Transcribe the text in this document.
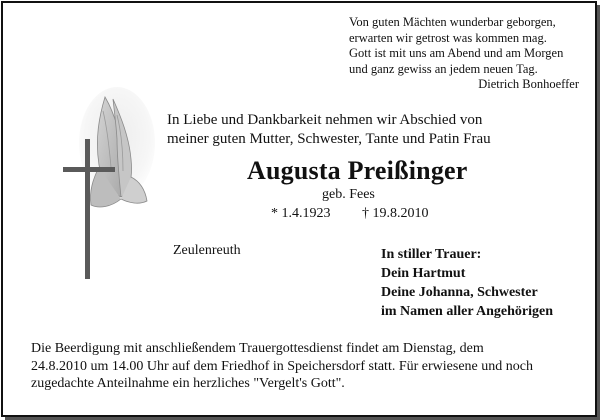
Von guten Mächten wunderbar geborgen,
erwarten wir getrost was kommen mag.
Gott ist mit uns am Abend und am Morgen
und ganz gewiss an jedem neuen Tag.
Dietrich Bonhoeffer
In Liebe und Dankbarkeit nehmen wir Abschied von
meiner guten Mutter, Schwester, Tante und Patin Frau
Augusta Preißinger
geb. Fees
* 1.4.1923 † 19.8.2010
Zeulenreuth	In stiller Trauer:
Dein Hartmut
Deine Johanna, Schwester
im Namen aller Angehörigen
Die Beerdigung mit anschließendem Trauergottesdienst findet am Dienstag, dem
24.8.2010 um 14.00 Uhr auf dem Friedhof in Speichersdorf statt. Für erwiesene und noch
zugedachte Anteilnahme ein herzliches "Vergelt's Gott".
